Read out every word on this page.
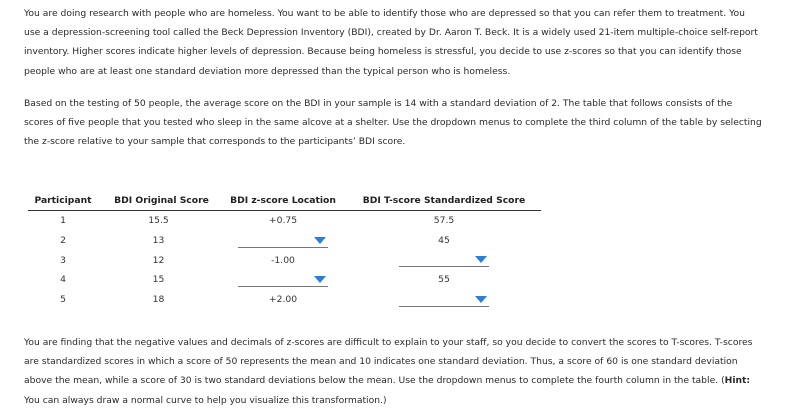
You are doing research with people who are homeless. You want to be able to identify those who are depressed so that you can refer them to treatment. You use a depression-screening tool called the Beck Depression Inventory (BDI), created by Dr. Aaron T. Beck. It is a widely used 21-item multiple-choice self-report inventory. Higher scores indicate higher levels of depression. Because being homeless is stressful, you decide to use z-scores so that you can identify those people who are at least one standard deviation more depressed than the typical person who is homeless.

Based on the testing of 50 people, the average score on the BDI in your sample is 14 with a standard deviation of 2. The table that follows consists of the scores of five people that you tested who sleep in the same alcove at a shelter. Use the dropdown menus to complete the third column of the table by selecting the z-score relative to your sample that corresponds to the participants’ BDI score.

Participant	BDI Original Score	BDI z-score Location	BDI T-score Standardized Score
1	15.5	+0.75	57.5
2	13		45
3	12	-1.00	

4	15		55
5	18	+2.00	

You are finding that the negative values and decimals of z-scores are difficult to explain to your staff, so you decide to convert the scores to T-scores. T-scores are standardized scores in which a score of 50 represents the mean and 10 indicates one standard deviation. Thus, a score of 60 is one standard deviation above the mean, while a score of 30 is two standard deviations below the mean. Use the dropdown menus to complete the fourth column in the table. (Hint: You can always draw a normal curve to help you visualize this transformation.)
